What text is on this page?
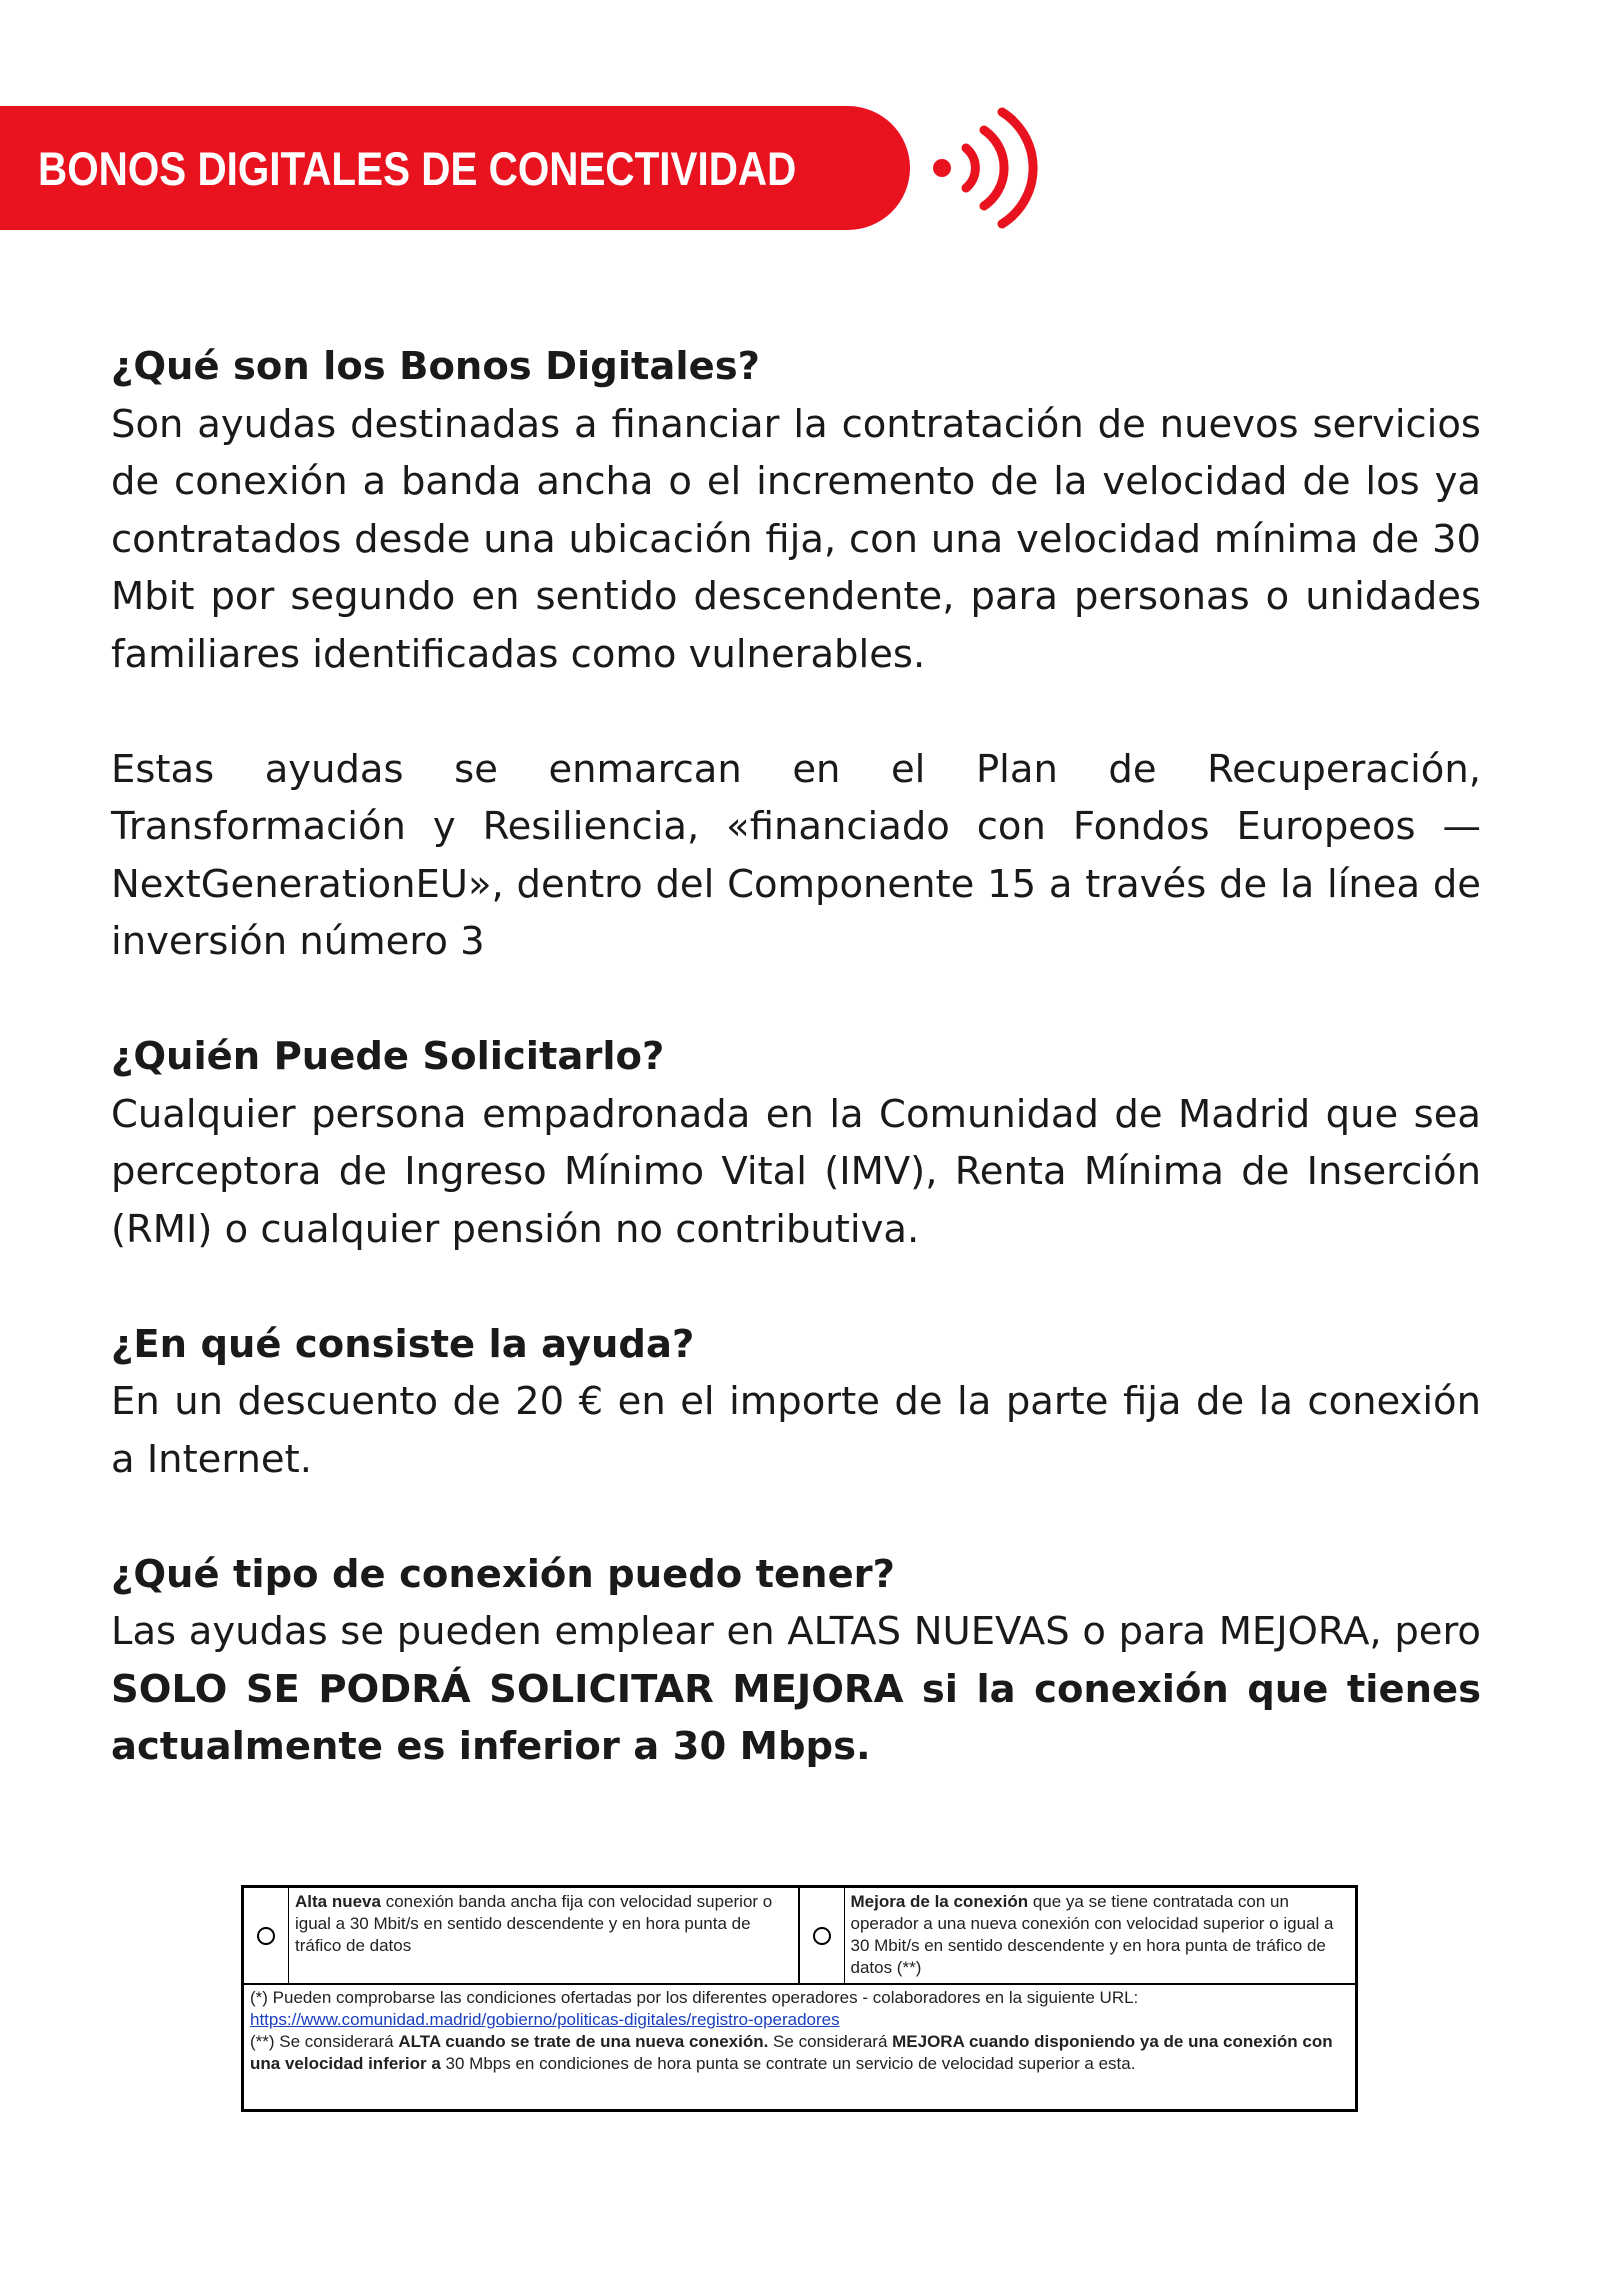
BONOS DIGITALES DE CONECTIVIDAD

¿Qué son los Bonos Digitales?

Son ayudas destinadas a financiar la contratación de nuevos servicios de conexión a banda ancha o el incremento de la velocidad de los ya contratados desde una ubicación fija, con una velocidad mínima de 30 Mbit por segundo en sentido descendente, para personas o unidades familiares identificadas como vulnerables.

Estas ayudas se enmarcan en el Plan de Recuperación, Transformación y Resiliencia, «financiado con Fondos Europeos — NextGenerationEU», dentro del Componente 15 a través de la línea de inversión número 3

¿Quién Puede Solicitarlo?

Cualquier persona empadronada en la Comunidad de Madrid que sea perceptora de Ingreso Mínimo Vital (IMV), Renta Mínima de Inserción (RMI) o cualquier pensión no contributiva.

¿En qué consiste la ayuda?

En un descuento de 20 € en el importe de la parte fija de la conexión a Internet.

¿Qué tipo de conexión puedo tener?

Las ayudas se pueden emplear en ALTAS NUEVAS o para MEJORA, pero SOLO SE PODRÁ SOLICITAR MEJORA si la conexión que tienes actualmente es inferior a 30 Mbps.

Alta nueva conexión banda ancha fija con velocidad superior o igual a 30 Mbit/s en sentido descendente y en hora punta de tráfico de datos
Mejora de la conexión que ya se tiene contratada con un operador a una nueva conexión con velocidad superior o igual a 30 Mbit/s en sentido descendente y en hora punta de tráfico de datos (**)
(*) Pueden comprobarse las condiciones ofertadas por los diferentes operadores - colaboradores en la siguiente URL:
https://www.comunidad.madrid/gobierno/politicas-digitales/registro-operadores
(**) Se considerará ALTA cuando se trate de una nueva conexión. Se considerará MEJORA cuando disponiendo ya de una conexión con una velocidad inferior a 30 Mbps en condiciones de hora punta se contrate un servicio de velocidad superior a esta.
